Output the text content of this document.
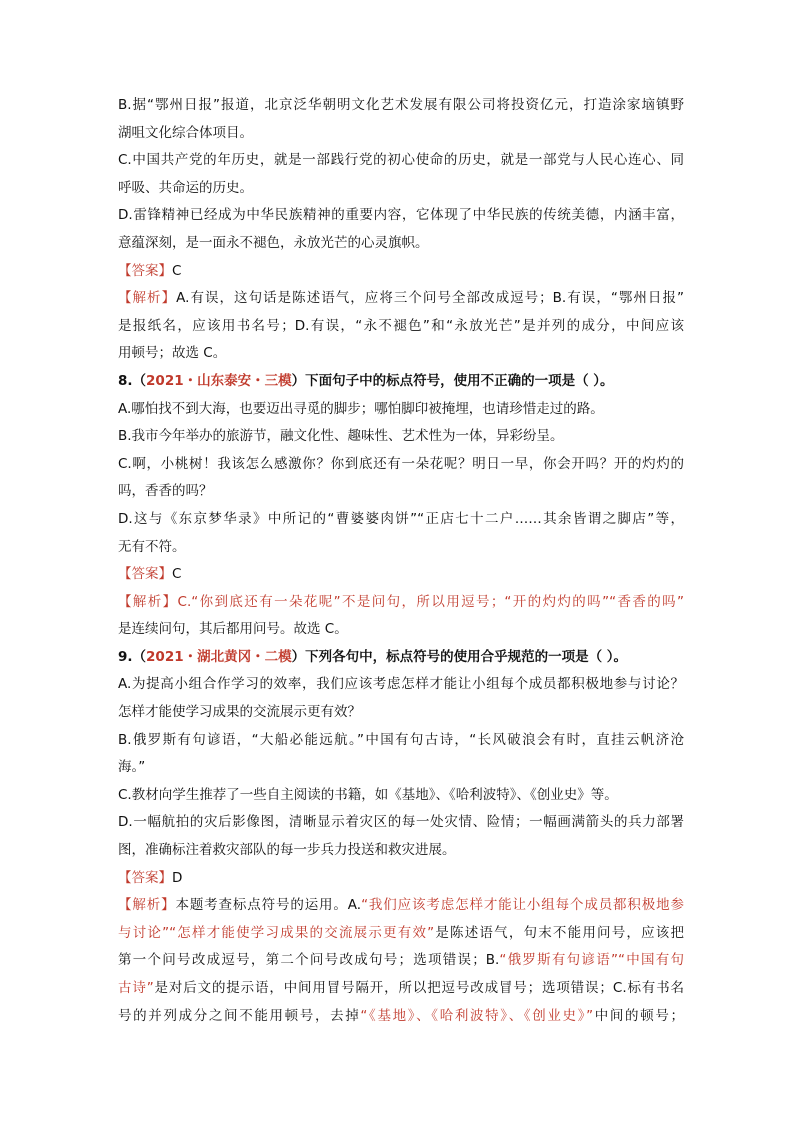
B.据“鄂州日报”报道，北京泛华朝明文化艺术发展有限公司将投资亿元，打造涂家垴镇野
湖咀文化综合体项目。
C.中国共产党的年历史，就是一部践行党的初心使命的历史，就是一部党与人民心连心、同
呼吸、共命运的历史。
D.雷锋精神已经成为中华民族精神的重要内容，它体现了中华民族的传统美德，内涵丰富，
意蕴深刻，是一面永不褪色，永放光芒的心灵旗帜。
【答案】C
【解析】A.有误，这句话是陈述语气，应将三个问号全部改成逗号；B.有误，“鄂州日报”
是报纸名，应该用书名号；D.有误，“永不褪色”和“永放光芒”是并列的成分，中间应该
用顿号；故选 C。
8.（2021・山东泰安・三模）下面句子中的标点符号，使用不正确的一项是（ ）。
A.哪怕找不到大海，也要迈出寻觅的脚步；哪怕脚印被掩埋，也请珍惜走过的路。
B.我市今年举办的旅游节，融文化性、趣味性、艺术性为一体，异彩纷呈。
C.啊，小桃树！我该怎么感激你？你到底还有一朵花呢？明日一早，你会开吗？开的灼灼的
吗，香香的吗？
D.这与《东京梦华录》中所记的“曹婆婆肉饼”“正店七十二户……其余皆谓之脚店”等，
无有不符。
【答案】C
【解析】C.“你到底还有一朵花呢”不是问句，所以用逗号；“开的灼灼的吗”“香香的吗”
是连续问句，其后都用问号。故选 C。
9.（2021・湖北黄冈・二模）下列各句中，标点符号的使用合乎规范的一项是（ ）。
A.为提高小组合作学习的效率，我们应该考虑怎样才能让小组每个成员都积极地参与讨论？
怎样才能使学习成果的交流展示更有效？
B.俄罗斯有句谚语，“大船必能远航。”中国有句古诗，“长风破浪会有时，直挂云帆济沧
海。”
C.教材向学生推荐了一些自主阅读的书籍，如《基地》、《哈利波特》、《创业史》等。
D.一幅航拍的灾后影像图，清晰显示着灾区的每一处灾情、险情；一幅画满箭头的兵力部署
图，准确标注着救灾部队的每一步兵力投送和救灾进展。
【答案】D
【解析】本题考查标点符号的运用。A.“我们应该考虑怎样才能让小组每个成员都积极地参
与讨论”“怎样才能使学习成果的交流展示更有效”是陈述语气，句末不能用问号，应该把
第一个问号改成逗号，第二个问号改成句号；选项错误；B.“俄罗斯有句谚语”“中国有句
古诗”是对后文的提示语，中间用冒号隔开，所以把逗号改成冒号；选项错误；C.标有书名
号的并列成分之间不能用顿号，去掉“《基地》、《哈利波特》、《创业史》”中间的顿号；
